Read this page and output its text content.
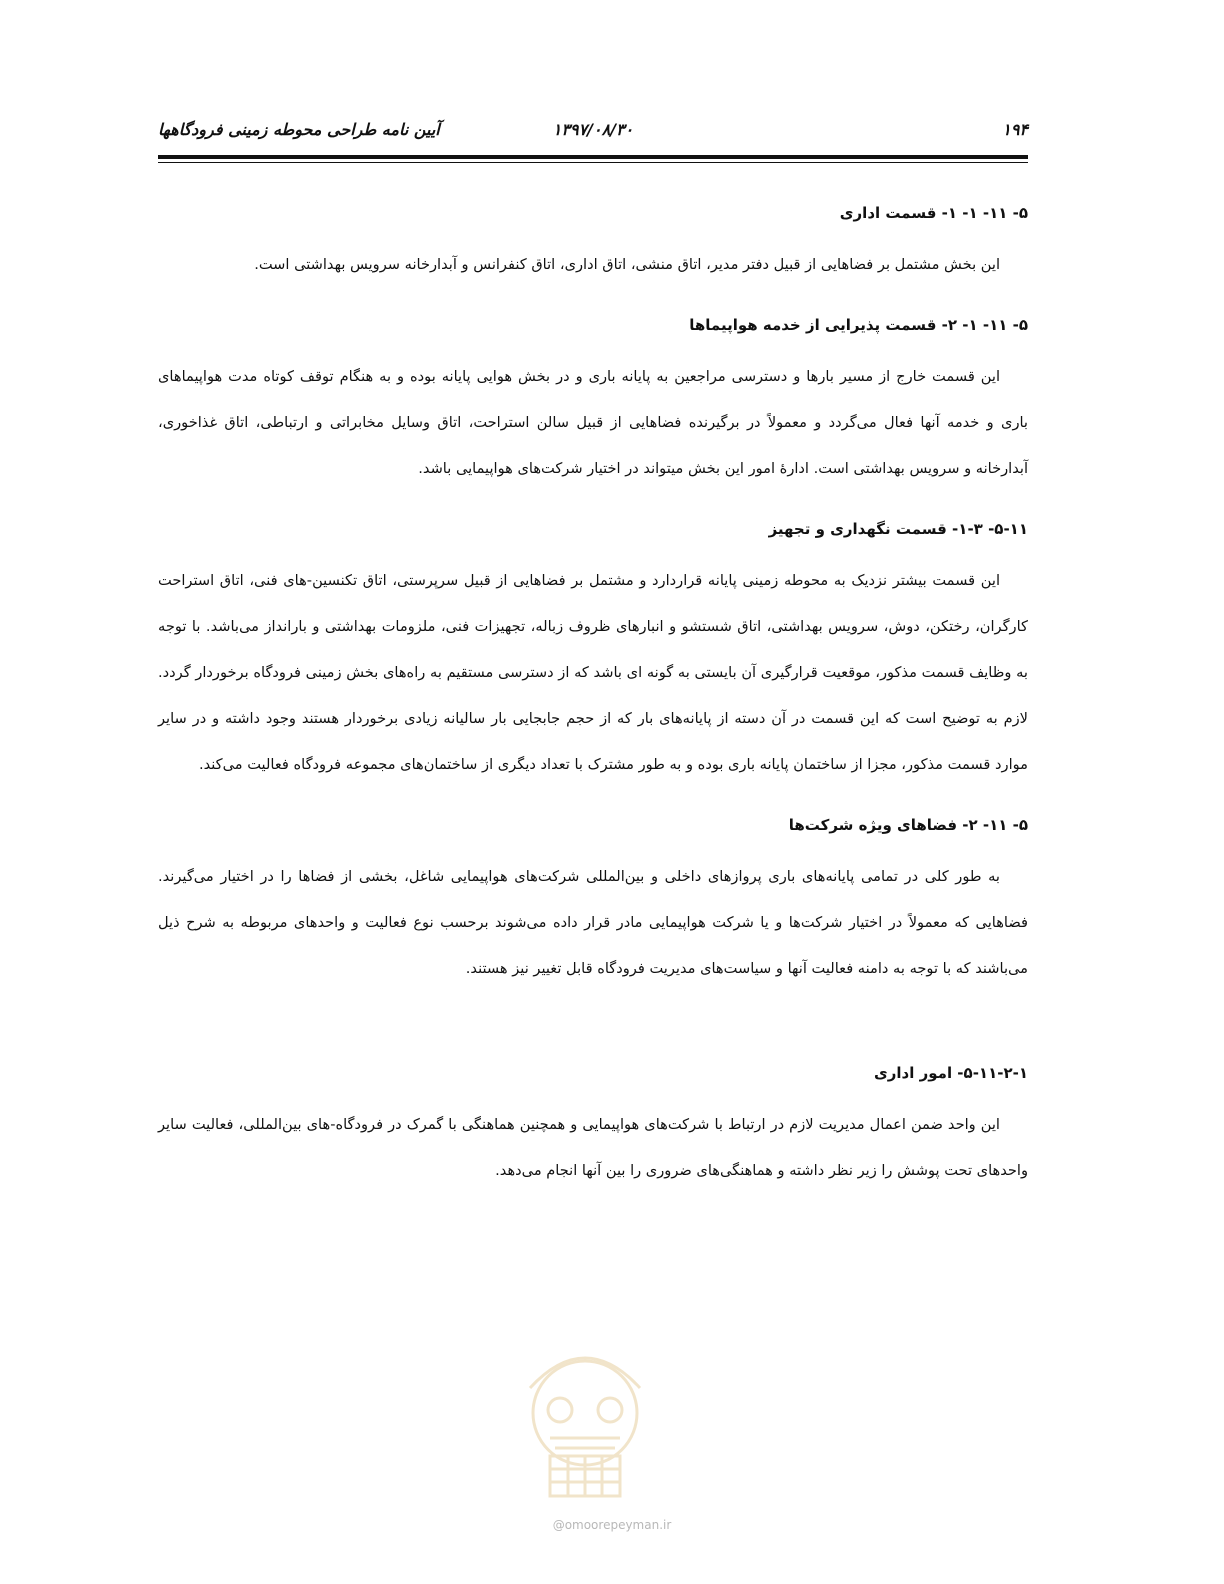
۱۹۴
۱۳۹۷/۰۸/۳۰
آیین نامه طراحی محوطه زمینی فرودگاهها
۵- ۱۱- ۱- ۱- قسمت اداری

این بخش مشتمل بر فضاهایی از قبیل دفتر مدیر، اتاق منشی، اتاق اداری، اتاق کنفرانس و آبدارخانه سرویس بهداشتی است.

۵- ۱۱- ۱- ۲- قسمت پذیرایی از خدمه هواپیماها

این قسمت خارج از مسیر بارها و دسترسی مراجعین به پایانه باری و در بخش هوایی پایانه بوده و به هنگام توقف کوتاه مدت هواپیماهای باری و خدمه آنها فعال می‌گردد و معمولاً در برگیرنده فضاهایی از قبیل سالن استراحت، اتاق وسایل مخابراتی و ارتباطی، اتاق غذاخوری، آبدارخانه و سرویس بهداشتی است. ادارهٔ امور این بخش میتواند در اختیار شرکت‌های هواپیمایی باشد.

۵-۱۱- ۱-۳- قسمت نگهداری و تجهیز

این قسمت بیشتر نزدیک به محوطه زمینی پایانه قراردارد و مشتمل بر فضاهایی از قبیل سرپرستی، اتاق تکنسین-های فنی، اتاق استراحت کارگران، رختکن، دوش، سرویس بهداشتی، اتاق شستشو و انبارهای ظروف زباله، تجهیزات فنی، ملزومات بهداشتی و بارانداز می‌باشد. با توجه به وظایف قسمت مذکور، موقعیت قرارگیری آن بایستی به گونه ای باشد که از دسترسی مستقیم به راه‌های بخش زمینی فرودگاه برخوردار گردد. لازم به توضیح است که این قسمت در آن دسته از پایانه‌های بار که از حجم جابجایی بار سالیانه زیادی برخوردار هستند وجود داشته و در سایر موارد قسمت مذکور، مجزا از ساختمان پایانه باری بوده و به طور مشترک با تعداد دیگری از ساختمان‌های مجموعه فرودگاه فعالیت می‌کند.

۵- ۱۱- ۲- فضاهای ویژه شرکت‌ها

به طور کلی در تمامی پایانه‌های باری پروازهای داخلی و بین‌المللی شرکت‌های هواپیمایی شاغل، بخشی از فضاها را در اختیار می‌گیرند. فضاهایی که معمولاً در اختیار شرکت‌ها و یا شرکت هواپیمایی مادر قرار داده می‌شوند برحسب نوع فعالیت و واحدهای مربوطه به شرح ذیل می‌باشند که با توجه به دامنه فعالیت آنها و سیاست‌های مدیریت فرودگاه قابل تغییر نیز هستند.

۵-۱۱-۲-۱- امور اداری

این واحد ضمن اعمال مدیریت لازم در ارتباط با شرکت‌های هواپیمایی و همچنین هماهنگی با گمرک در فرودگاه-های بین‌المللی، فعالیت سایر واحدهای تحت پوشش را زیر نظر داشته و هماهنگی‌های ضروری را بین آنها انجام می‌دهد.

@omoorepeyman.ir
